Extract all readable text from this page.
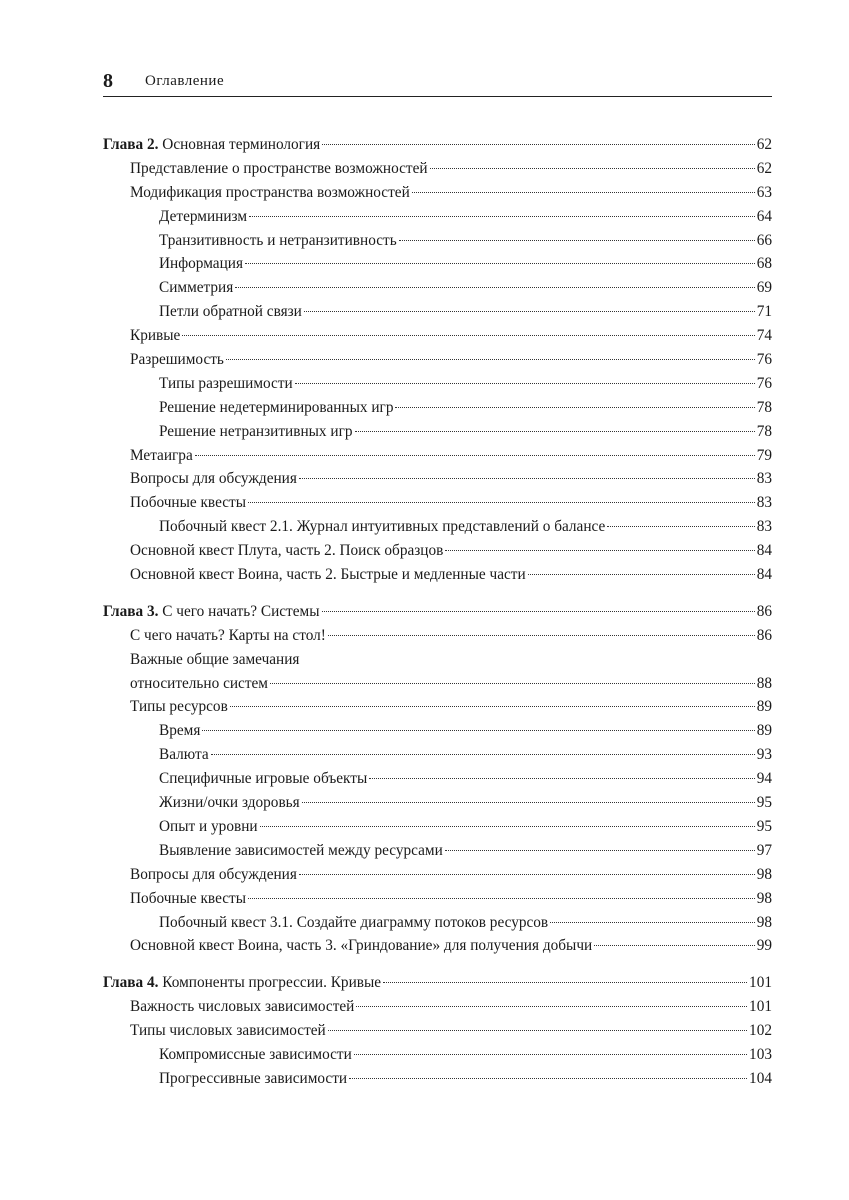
8 Оглавление
Глава 2. Основная терминология	62
Представление о пространстве возможностей	62
Модификация пространства возможностей	63
Детерминизм	64
Транзитивность и нетранзитивность	66
Информация	68
Симметрия	69
Петли обратной связи	71
Кривые	74
Разрешимость	76
Типы разрешимости	76
Решение недетерминированных игр	78
Решение нетранзитивных игр	78
Метаигра	79
Вопросы для обсуждения	83
Побочные квесты	83
Побочный квест 2.1. Журнал интуитивных представлений о балансе	83
Основной квест Плута, часть 2. Поиск образцов	84
Основной квест Воина, часть 2. Быстрые и медленные части	84
Глава 3. С чего начать? Системы	86
С чего начать? Карты на стол!	86
Важные общие замечания
относительно систем	88
Типы ресурсов	89
Время	89
Валюта	93
Специфичные игровые объекты	94
Жизни/очки здоровья	95
Опыт и уровни	95
Выявление зависимостей между ресурсами	97
Вопросы для обсуждения	98
Побочные квесты	98
Побочный квест 3.1. Создайте диаграмму потоков ресурсов	98
Основной квест Воина, часть 3. «Гриндование» для получения добычи	99
Глава 4. Компоненты прогрессии. Кривые	101
Важность числовых зависимостей	101
Типы числовых зависимостей	102
Компромиссные зависимости	103
Прогрессивные зависимости	104
